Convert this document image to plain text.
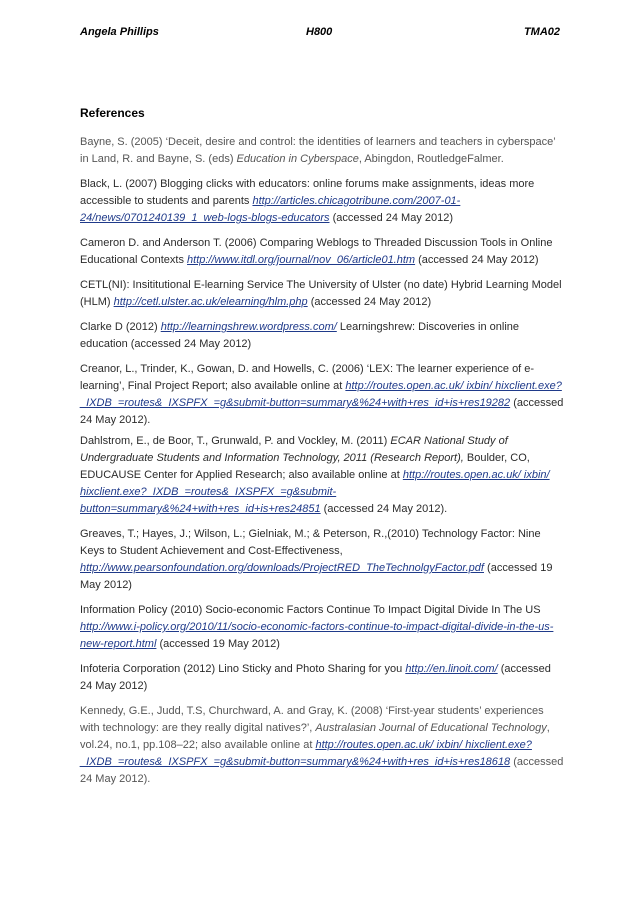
Angela Phillips	H800	TMA02
References

Bayne, S. (2005) ‘Deceit, desire and control: the identities of learners and teachers in cyberspace’ in Land, R. and Bayne, S. (eds) Education in Cyberspace, Abingdon, RoutledgeFalmer.

Black, L. (2007) Blogging clicks with educators: online forums make assignments, ideas more accessible to students and parents http://articles.chicagotribune.com/2007-01-24/news/0701240139_1_web-logs-blogs-educators (accessed 24 May 2012)

Cameron D. and Anderson T. (2006) Comparing Weblogs to Threaded Discussion Tools in Online Educational Contexts http://www.itdl.org/journal/nov_06/article01.htm (accessed 24 May 2012)

CETL(NI): Insititutional E-learning Service The University of Ulster (no date) Hybrid Learning Model (HLM) http://cetl.ulster.ac.uk/elearning/hlm.php (accessed 24 May 2012)

Clarke D (2012) http://learningshrew.wordpress.com/ Learningshrew: Discoveries in online education (accessed 24 May 2012)

Creanor, L., Trinder, K., Gowan, D. and Howells, C. (2006) ‘LEX: The learner experience of e-learning’, Final Project Report; also available online at http://routes.open.ac.uk/ ixbin/ hixclient.exe?_IXDB_=routes&_IXSPFX_=g&submit-button=summary&%24+with+res_id+is+res19282 (accessed 24 May 2012).

Dahlstrom, E., de Boor, T., Grunwald, P. and Vockley, M. (2011) ECAR National Study of Undergraduate Students and Information Technology, 2011 (Research Report), Boulder, CO, EDUCAUSE Center for Applied Research; also available online at http://routes.open.ac.uk/ ixbin/ hixclient.exe?_IXDB_=routes&_IXSPFX_=g&submit-button=summary&%24+with+res_id+is+res24851 (accessed 24 May 2012).

Greaves, T.; Hayes, J.; Wilson, L.; Gielniak, M.; & Peterson, R.,(2010) Technology Factor: Nine Keys to Student Achievement and Cost-Effectiveness, http://www.pearsonfoundation.org/downloads/ProjectRED_TheTechnolgyFactor.pdf (accessed 19 May 2012)

Information Policy (2010) Socio-economic Factors Continue To Impact Digital Divide In The US http://www.i-policy.org/2010/11/socio-economic-factors-continue-to-impact-digital-divide-in-the-us-new-report.html (accessed 19 May 2012)

Infoteria Corporation (2012) Lino Sticky and Photo Sharing for you http://en.linoit.com/ (accessed 24 May 2012)

Kennedy, G.E., Judd, T.S, Churchward, A. and Gray, K. (2008) ‘First-year students’ experiences with technology: are they really digital natives?’, Australasian Journal of Educational Technology, vol.24, no.1, pp.108–22; also available online at http://routes.open.ac.uk/ ixbin/ hixclient.exe?_IXDB_=routes&_IXSPFX_=g&submit-button=summary&%24+with+res_id+is+res18618 (accessed 24 May 2012).
